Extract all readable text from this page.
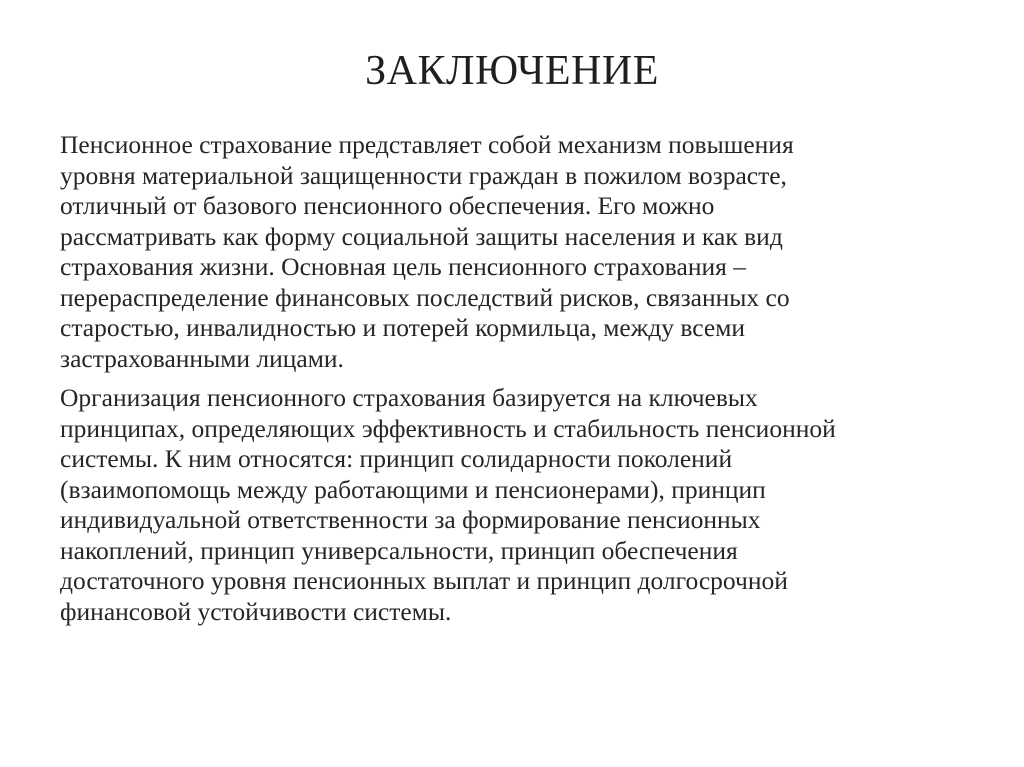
ЗАКЛЮЧЕНИЕ

Пенсионное страхование представляет собой механизм повышения
уровня материальной защищенности граждан в пожилом возрасте,
отличный от базового пенсионного обеспечения. Его можно
рассматривать как форму социальной защиты населения и как вид
страхования жизни. Основная цель пенсионного страхования –
перераспределение финансовых последствий рисков, связанных со
старостью, инвалидностью и потерей кормильца, между всеми
застрахованными лицами.

Организация пенсионного страхования базируется на ключевых
принципах, определяющих эффективность и стабильность пенсионной
системы. К ним относятся: принцип солидарности поколений
(взаимопомощь между работающими и пенсионерами), принцип
индивидуальной ответственности за формирование пенсионных
накоплений, принцип универсальности, принцип обеспечения
достаточного уровня пенсионных выплат и принцип долгосрочной
финансовой устойчивости системы.
